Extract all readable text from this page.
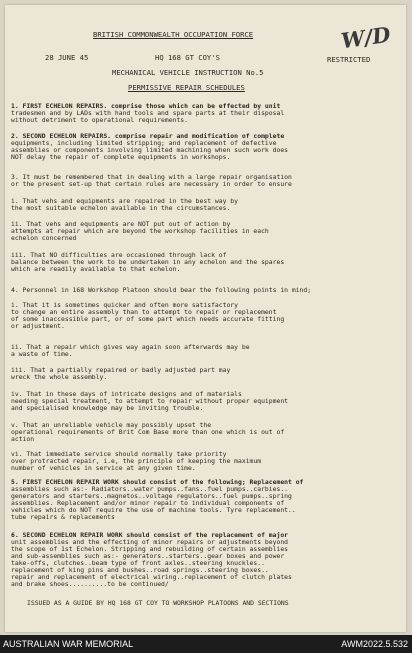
W/D
BRITISH COMMONWEALTH OCCUPATION FORCE
28 JUNE 45	HQ 168 GT COY'S	RESTRICTED
MECHANICAL VEHICLE INSTRUCTION No.5
PERMISSIVE REPAIR SCHEDULES
1. FIRST ECHELON REPAIRS. comprise those which can be effected by unit
tradesmen and by LADs with hand tools and spare parts at their disposal
without detriment to operational requirements.
2. SECOND ECHELON REPAIRS. comprise repair and modification of complete
equipments, including limited stripping; and replacement of defective
assemblies or components involving limited machining when such work does
NOT delay the repair of complete equipments in workshops.
3. It must be remembered that in dealing with a large repair organisation
or the present set-up that certain rules are necessary in order to ensure
i. That vehs and equipments are repaired in the best way by
the most suitable echelon available in the circumstances.
ii. That vehs and equipments are NOT put out of action by
attempts at repair which are beyond the workshop facilities in each
echelon concerned
iii. That NO difficulties are occasioned through lack of
balance between the work to be undertaken in any echelon and the spares
which are readily available to that echelon.
4. Personnel in 168 Workshop Platoon should bear the following points in mind;
i. That it is sometimes quicker and often more satisfactory
to change an entire assembly than to attempt to repair or replacement
of some inaccessible part, or of some part which needs accurate fitting
or adjustment.
ii. That a repair which gives way again soon afterwards may be
a waste of time.
iii. That a partially repaired or badly adjusted part may
wreck the whole assembly.
iv. That in these days of intricate designs and of materials
needing special treatment, to attempt to repair without proper equipment
and specialised knowledge may be inviting trouble.
v. That an unreliable vehicle may possibly upset the
operational requirements of Brit Com Base more than one which is out of
action
vi. That immediate service should normally take priority
over protracted repair, i.e, the principle of keeping the maximum
number of vehicles in service at any given time.
5. FIRST ECHELON REPAIR WORK should consist of the following; Replacement of
assemblies such as:- Radiators..water pumps..fans..fuel pumps..carbies..
generators and starters..magnetos..voltage regulators..fuel pumps..spring
assemblies. Replacement and/or minor repair to individual components of
vehicles which do NOT require the use of machine tools. Tyre replacement..
tube repairs & replacements
6. SECOND ECHELON REPAIR WORK should consist of the replacement of major
unit assemblies and the effecting of minor repairs or adjustments beyond
the scope of 1st Echelon. Stripping and rebuilding of certain assemblies
and sub-assemblies such as:- generators..starters..gear boxes and power
take-offs, clutches..beam type of front axles..steering knuckles..
replacement of king pins and bushes..road springs..steering boxes..
repair and replacement of electrical wiring..replacement of clutch plates
and brake shoes..........to be continued/
ISSUED AS A GUIDE BY HQ 168 GT COY TO WORKSHOP PLATOONS AND SECTIONS
AUSTRALIAN WAR MEMORIAL	AWM2022.5.532
